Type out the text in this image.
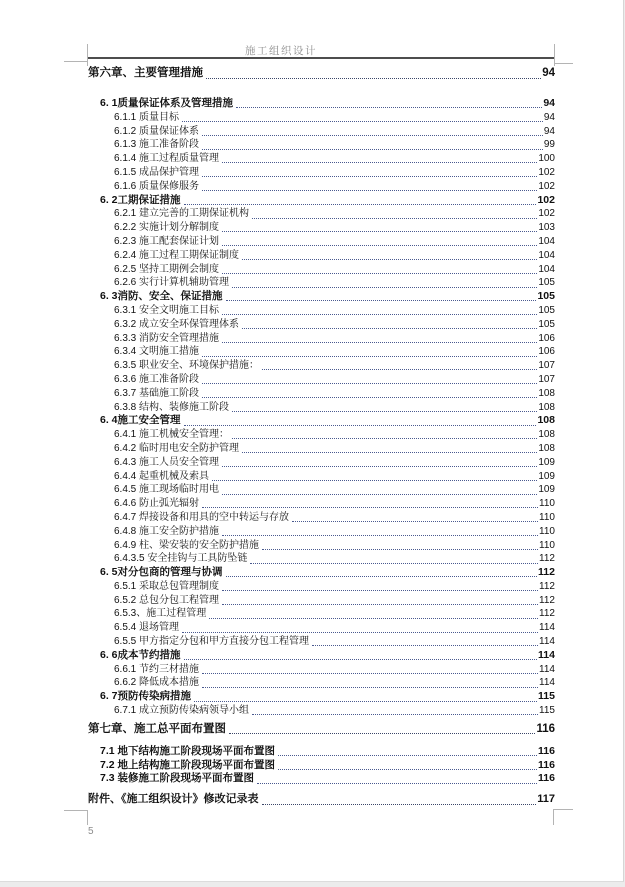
施工组织设计
第六章、主要管理措施	94
6. 1质量保证体系及管理措施	94
6.1.1 质量目标	94
6.1.2 质量保证体系	94
6.1.3 施工准备阶段	99
6.1.4 施工过程质量管理	100
6.1.5 成品保护管理	102
6.1.6 质量保修服务	102
6. 2工期保证措施	102
6.2.1 建立完善的工期保证机构	102
6.2.2 实施计划分解制度	103
6.2.3 施工配套保证计划	104
6.2.4 施工过程工期保证制度	104
6.2.5 坚持工期例会制度	104
6.2.6 实行计算机辅助管理	105
6. 3消防、安全、保证措施	105
6.3.1 安全文明施工目标	105
6.3.2 成立安全环保管理体系	105
6.3.3 消防安全管理措施	106
6.3.4 文明施工措施	106
6.3.5 职业安全、环境保护措施：	107
6.3.6 施工准备阶段	107
6.3.7 基础施工阶段	108
6.3.8 结构、装修施工阶段	108
6. 4施工安全管理	108
6.4.1 施工机械安全管理：	108
6.4.2 临时用电安全防护管理	108
6.4.3 施工人员安全管理	109
6.4.4 起重机械及索具	109
6.4.5 施工现场临时用电	109
6.4.6 防止弧光辐射	110
6.4.7 焊接设备和用具的空中转运与存放	110
6.4.8 施工安全防护措施	110
6.4.9 柱、梁安装的安全防护措施	110
6.4.3.5 安全挂钩与工具防坠链	112
6. 5对分包商的管理与协调	112
6.5.1 采取总包管理制度	112
6.5.2 总包分包工程管理	112
6.5.3、施工过程管理	112
6.5.4 退场管理	114
6.5.5 甲方指定分包和甲方直接分包工程管理	114
6. 6成本节约措施	114
6.6.1 节约三材措施	114
6.6.2 降低成本措施	114
6. 7预防传染病措施	115
6.7.1 成立预防传染病领导小组	115
第七章、施工总平面布置图	116
7.1 地下结构施工阶段现场平面布置图	116
7.2 地上结构施工阶段现场平面布置图	116
7.3 装修施工阶段现场平面布置图	116
附件、《施工组织设计》修改记录表	117
5
